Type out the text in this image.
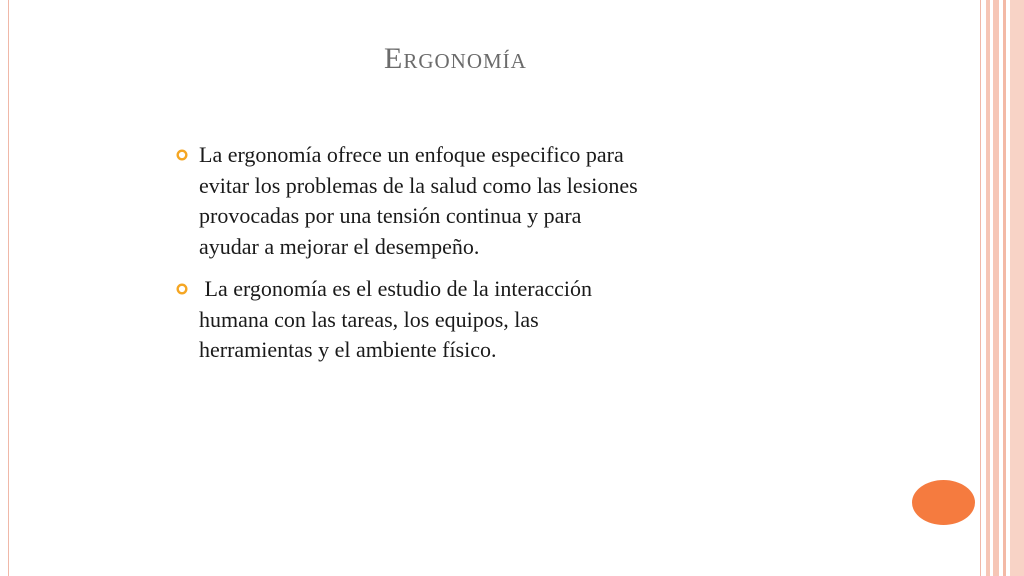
Ergonomía
La ergonomía ofrece un enfoque especifico para
evitar los problemas de la salud como las lesiones
provocadas por una tensión continua y para
ayudar a mejorar el desempeño.
La ergonomía es el estudio de la interacción
humana con las tareas, los equipos, las
herramientas y el ambiente físico.
